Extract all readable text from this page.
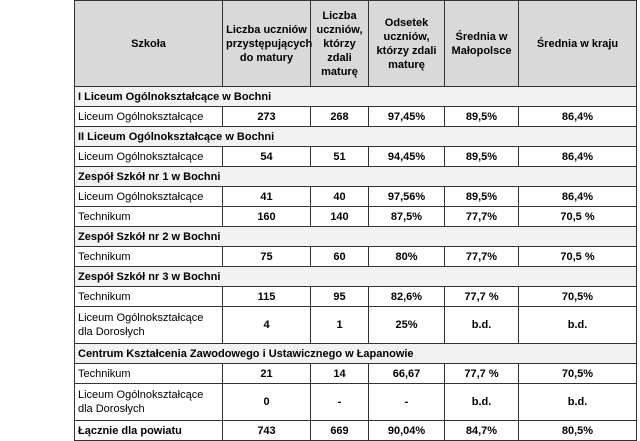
Szkoła	Liczba uczniów przystępujących do matury	Liczba uczniów, którzy zdali maturę	Odsetek uczniów, którzy zdali maturę	Średnia w Małopolsce	Średnia w kraju
I Liceum Ogólnokształcące w Bochni					
Liceum Ogólnokształcące	273	268	97,45%	89,5%	86,4%
II Liceum Ogólnokształcące w Bochni					
Liceum Ogólnokształcące	54	51	94,45%	89,5%	86,4%
Zespół Szkół nr 1 w Bochni					
Liceum Ogólnokształcące	41	40	97,56%	89,5%	86,4%
Technikum	160	140	87,5%	77,7%	70,5 %
Zespół Szkół nr 2 w Bochni					
Technikum	75	60	80%	77,7%	70,5 %
Zespół Szkół nr 3 w Bochni					
Technikum	115	95	82,6%	77,7 %	70,5%
Liceum Ogólnokształcące dla Dorosłych	4	1	25%	b.d.	b.d.
Centrum Kształcenia Zawodowego i Ustawicznego w Łapanowie					
Technikum	21	14	66,67	77,7 %	70,5%
Liceum Ogólnokształcące dla Dorosłych	0	-	-	b.d.	b.d.
Łącznie dla powiatu	743	669	90,04%	84,7%	80,5%
